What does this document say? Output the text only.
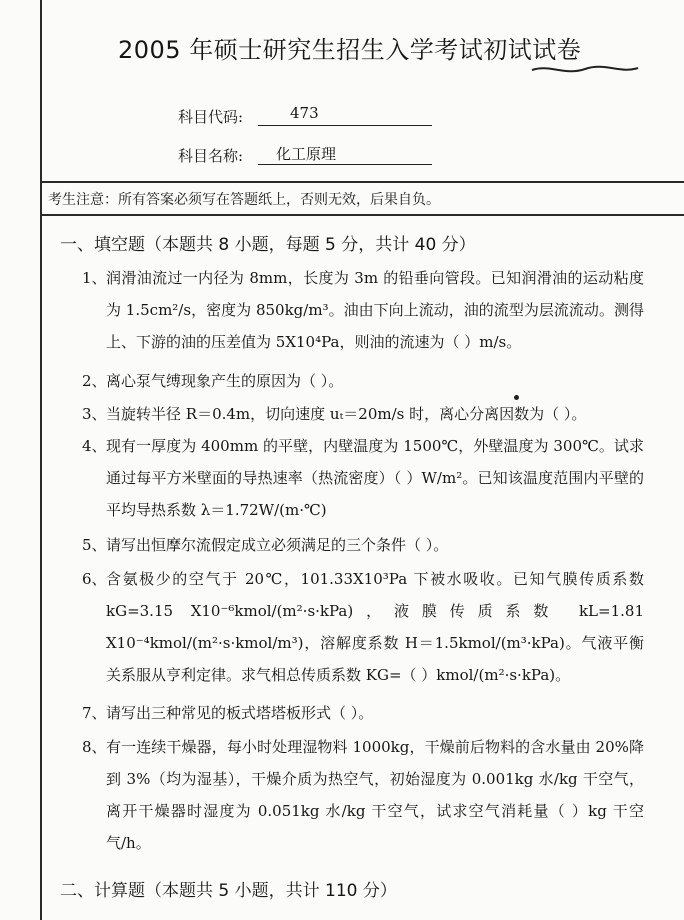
2005 年硕士研究生招生入学考试初试试卷
科目代码:	473
科目名称: 化工原理
考生注意：所有答案必须写在答题纸上，否则无效，后果自负。
一、填空题（本题共 8 小题，每题 5 分，共计 40 分）
1、 润滑油流过一内径为 8mm，长度为 3m 的铅垂向管段。已知润滑油的运动粘度为 1.5cm²/s，密度为 850kg/m³。油由下向上流动，油的流型为层流流动。测得上、下游的油的压差值为 5X10⁴Pa，则油的流速为（ ）m/s。
2、 离心泵气缚现象产生的原因为（ ）。
3、 当旋转半径 R＝0.4m，切向速度 uₜ＝20m/s 时，离心分离因数为（ ）。
4、 现有一厚度为 400mm 的平壁，内壁温度为 1500℃，外壁温度为 300℃。试求通过每平方米壁面的导热速率（热流密度）（ ）W/m²。已知该温度范围内平壁的平均导热系数 λ＝1.72W/(m·℃)
5、 请写出恒摩尔流假定成立必须满足的三个条件（ ）。
6、 含氨极少的空气于 20℃，101.33X10³Pa 下被水吸收。已知气膜传质系数 kG=3.15 X10⁻⁶kmol/(m²·s·kPa)，液膜传质系数 kL=1.81 X10⁻⁴kmol/(m²·s·kmol/m³)，溶解度系数 H＝1.5kmol/(m³·kPa)。气液平衡关系服从亨利定律。求气相总传质系数 KG=（ ）kmol/(m²·s·kPa)。
7、 请写出三种常见的板式塔塔板形式（ ）。
8、 有一连续干燥器，每小时处理湿物料 1000kg，干燥前后物料的含水量由 20%降到 3%（均为湿基），干燥介质为热空气，初始湿度为 0.001kg 水/kg 干空气，离开干燥器时湿度为 0.051kg 水/kg 干空气，试求空气消耗量（ ）kg 干空气/h。
二、计算题（本题共 5 小题，共计 110 分）
